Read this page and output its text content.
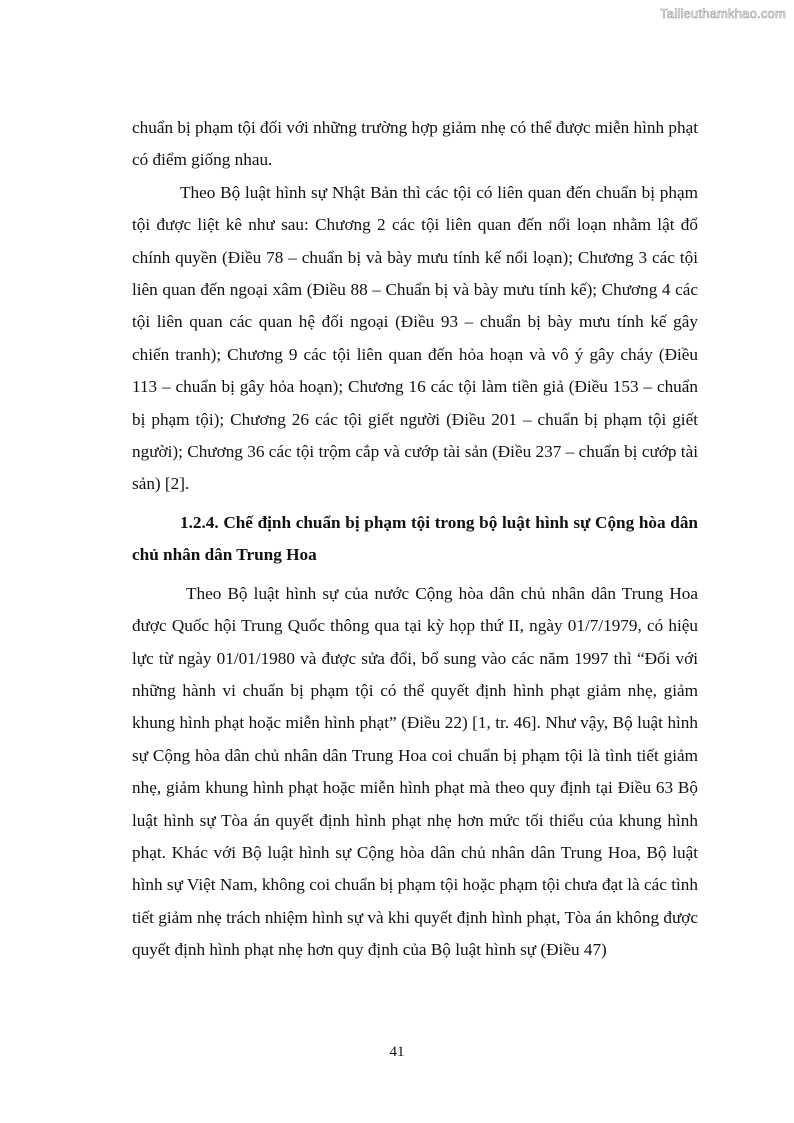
Tailieuthamkhao.com

chuẩn bị phạm tội đối với những trường hợp giảm nhẹ có thể được miễn hình phạt có điểm giống nhau.

Theo Bộ luật hình sự Nhật Bản thì các tội có liên quan đến chuẩn bị phạm tội được liệt kê như sau: Chương 2 các tội liên quan đến nổi loạn nhằm lật đổ chính quyền (Điều 78 – chuẩn bị và bày mưu tính kế nổi loạn); Chương 3 các tội liên quan đến ngoại xâm (Điều 88 – Chuẩn bị và bày mưu tính kế); Chương 4 các tội liên quan các quan hệ đối ngoại (Điều 93 – chuẩn bị bày mưu tính kế gây chiến tranh); Chương 9 các tội liên quan đến hỏa hoạn và vô ý gây cháy (Điều 113 – chuẩn bị gây hỏa hoạn); Chương 16 các tội làm tiền giả (Điều 153 – chuẩn bị phạm tội); Chương 26 các tội giết người (Điều 201 – chuẩn bị phạm tội giết người); Chương 36 các tội trộm cắp và cướp tài sản (Điều 237 – chuẩn bị cướp tài sản) [2].

1.2.4. Chế định chuẩn bị phạm tội trong bộ luật hình sự Cộng hòa dân chủ nhân dân Trung Hoa

Theo Bộ luật hình sự của nước Cộng hòa dân chủ nhân dân Trung Hoa được Quốc hội Trung Quốc thông qua tại kỳ họp thứ II, ngày 01/7/1979, có hiệu lực từ ngày 01/01/1980 và được sửa đổi, bổ sung vào các năm 1997 thì “Đối với những hành vi chuẩn bị phạm tội có thể quyết định hình phạt giảm nhẹ, giảm khung hình phạt hoặc miễn hình phạt” (Điều 22) [1, tr. 46]. Như vậy, Bộ luật hình sự Cộng hòa dân chủ nhân dân Trung Hoa coi chuẩn bị phạm tội là tình tiết giảm nhẹ, giảm khung hình phạt hoặc miễn hình phạt mà theo quy định tại Điều 63 Bộ luật hình sự Tòa án quyết định hình phạt nhẹ hơn mức tối thiểu của khung hình phạt. Khác với Bộ luật hình sự Cộng hòa dân chủ nhân dân Trung Hoa, Bộ luật hình sự Việt Nam, không coi chuẩn bị phạm tội hoặc phạm tội chưa đạt là các tình tiết giảm nhẹ trách nhiệm hình sự và khi quyết định hình phạt, Tòa án không được quyết định hình phạt nhẹ hơn quy định của Bộ luật hình sự (Điều 47)

41
